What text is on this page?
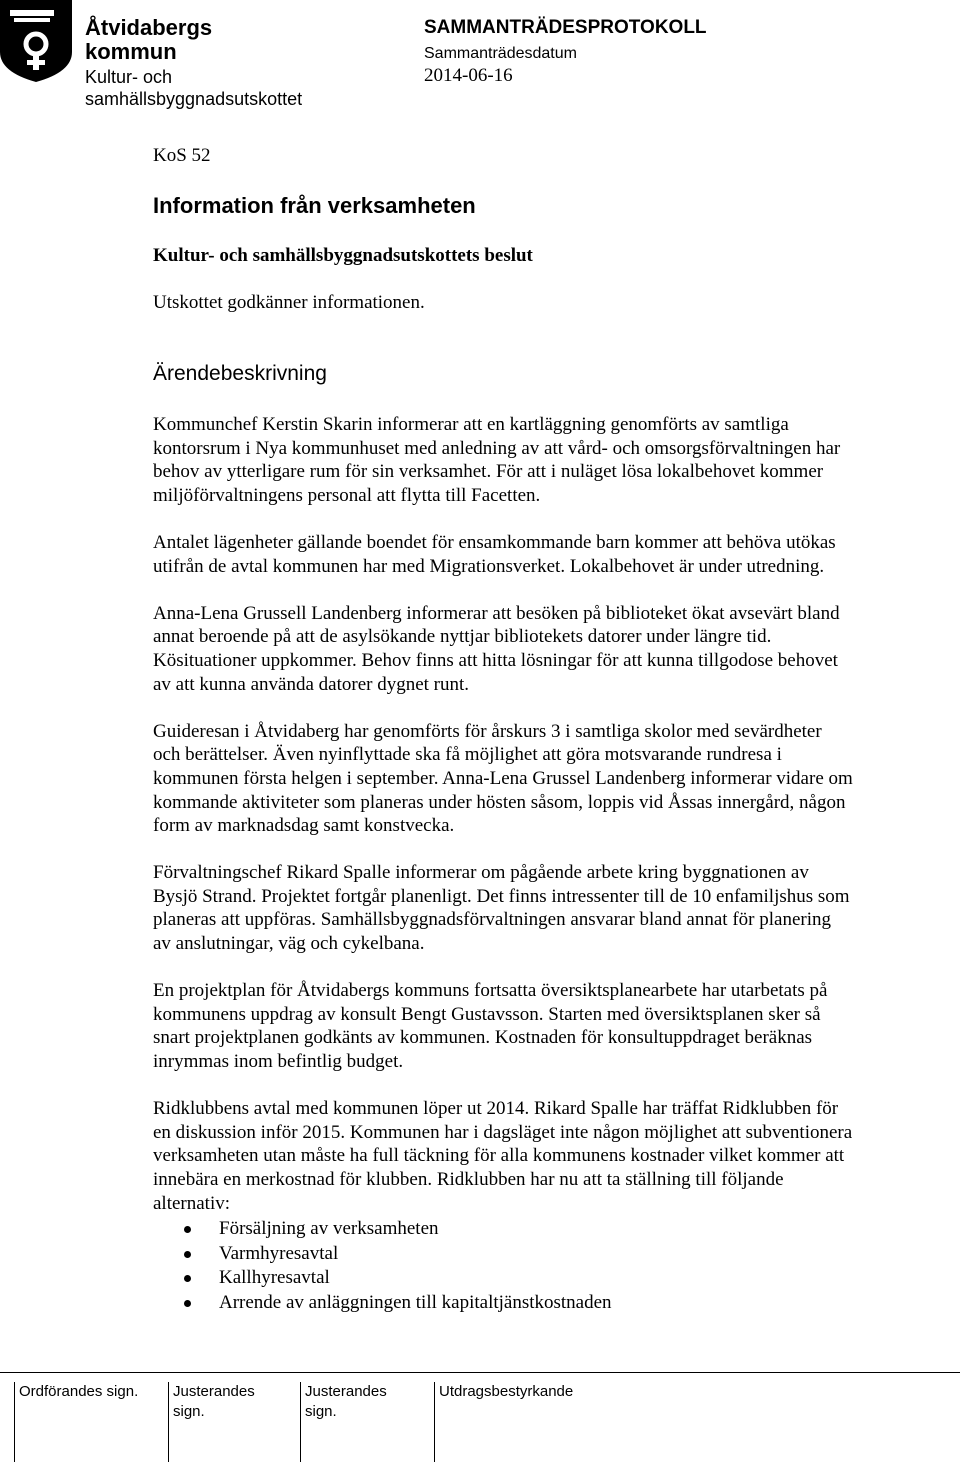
Åtvidabergs
kommun
Kultur- och
samhällsbyggnadsutskottet
SAMMANTRÄDESPROTOKOLL
Sammanträdesdatum
2014-06-16
KoS 52
Information från verksamheten
Kultur- och samhällsbyggnadsutskottets beslut
Utskottet godkänner informationen.
Ärendebeskrivning

Kommunchef Kerstin Skarin informerar att en kartläggning genomförts av samtliga kontorsrum i Nya kommunhuset med anledning av att vård- och omsorgsförvaltningen har behov av ytterligare rum för sin verksamhet. För att i nuläget lösa lokalbehovet kommer miljöförvaltningens personal att flytta till Facetten.

Antalet lägenheter gällande boendet för ensamkommande barn kommer att behöva utökas utifrån de avtal kommunen har med Migrationsverket. Lokalbehovet är under utredning.

Anna-Lena Grussell Landenberg informerar att besöken på biblioteket ökat avsevärt bland annat beroende på att de asylsökande nyttjar bibliotekets datorer under längre tid. Kösituationer uppkommer. Behov finns att hitta lösningar för att kunna tillgodose behovet av att kunna använda datorer dygnet runt.

Guideresan i Åtvidaberg har genomförts för årskurs 3 i samtliga skolor med sevärdheter och berättelser. Även nyinflyttade ska få möjlighet att göra motsvarande rundresa i kommunen första helgen i september. Anna-Lena Grussel Landenberg informerar vidare om kommande aktiviteter som planeras under hösten såsom, loppis vid Åssas innergård, någon form av marknadsdag samt konstvecka.

Förvaltningschef Rikard Spalle informerar om pågående arbete kring byggnationen av Bysjö Strand. Projektet fortgår planenligt. Det finns intressenter till de 10 enfamiljshus som planeras att uppföras. Samhällsbyggnadsförvaltningen ansvarar bland annat för planering av anslutningar, väg och cykelbana.

En projektplan för Åtvidabergs kommuns fortsatta översiktsplanearbete har utarbetats på kommunens uppdrag av konsult Bengt Gustavsson. Starten med översiktsplanen sker så snart projektplanen godkänts av kommunen. Kostnaden för konsultuppdraget beräknas inrymmas inom befintlig budget.

Ridklubbens avtal med kommunen löper ut 2014. Rikard Spalle har träffat Ridklubben för en diskussion inför 2015. Kommunen har i dagsläget inte någon möjlighet att subventionera verksamheten utan måste ha full täckning för alla kommunens kostnader vilket kommer att innebära en merkostnad för klubben. Ridklubben har nu att ta ställning till följande alternativ:

Försäljning av verksamheten
Varmhyresavtal
Kallhyresavtal
Arrende av anläggningen till kapitaltjänstkostnaden
Ordförandes sign.	Justerandes
sign.
Justerandes
sign.
Utdragsbestyrkande
